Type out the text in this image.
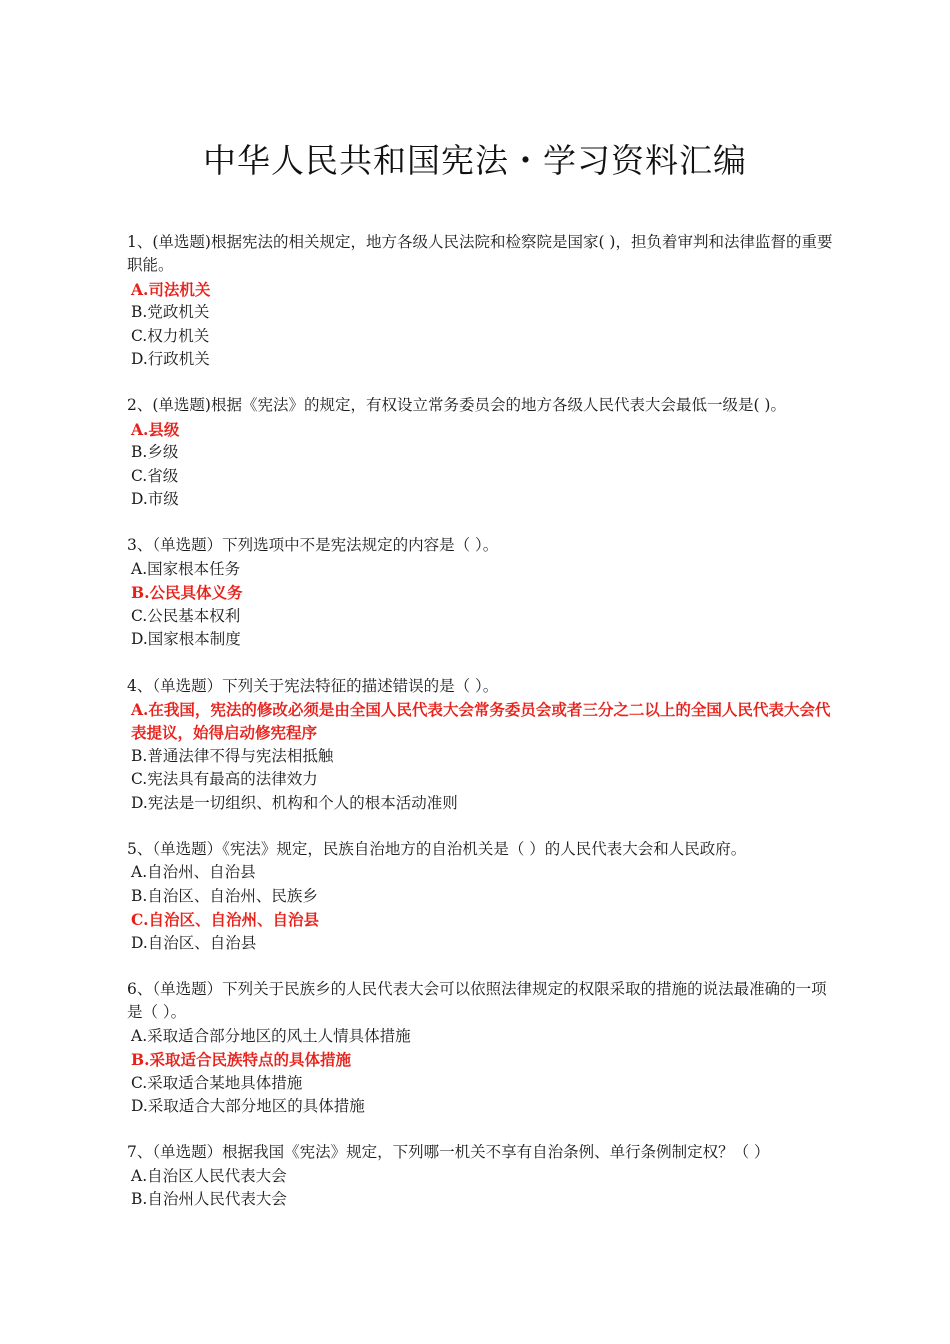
中华人民共和国宪法・学习资料汇编

1、(单选题)根据宪法的相关规定，地方各级人民法院和检察院是国家( )，担负着审判和法律监督的重要职能。

A.司法机关

B.党政机关

C.权力机关

D.行政机关

2、(单选题)根据《宪法》的规定，有权设立常务委员会的地方各级人民代表大会最低一级是( )。

A.县级

B.乡级

C.省级

D.市级

3、（单选题）下列选项中不是宪法规定的内容是（ ）。

A.国家根本任务

B.公民具体义务

C.公民基本权利

D.国家根本制度

4、（单选题）下列关于宪法特征的描述错误的是（ ）。

A.在我国，宪法的修改必须是由全国人民代表大会常务委员会或者三分之二以上的全国人民代表大会代表提议，始得启动修宪程序

B.普通法律不得与宪法相抵触

C.宪法具有最高的法律效力

D.宪法是一切组织、机构和个人的根本活动准则

5、（单选题）《宪法》规定，民族自治地方的自治机关是（ ）的人民代表大会和人民政府。

A.自治州、自治县

B.自治区、自治州、民族乡

C.自治区、自治州、自治县

D.自治区、自治县

6、（单选题）下列关于民族乡的人民代表大会可以依照法律规定的权限采取的措施的说法最准确的一项是（ ）。

A.采取适合部分地区的风土人情具体措施

B.采取适合民族特点的具体措施

C.采取适合某地具体措施

D.采取适合大部分地区的具体措施

7、（单选题）根据我国《宪法》规定，下列哪一机关不享有自治条例、单行条例制定权？（ ）

A.自治区人民代表大会

B.自治州人民代表大会
